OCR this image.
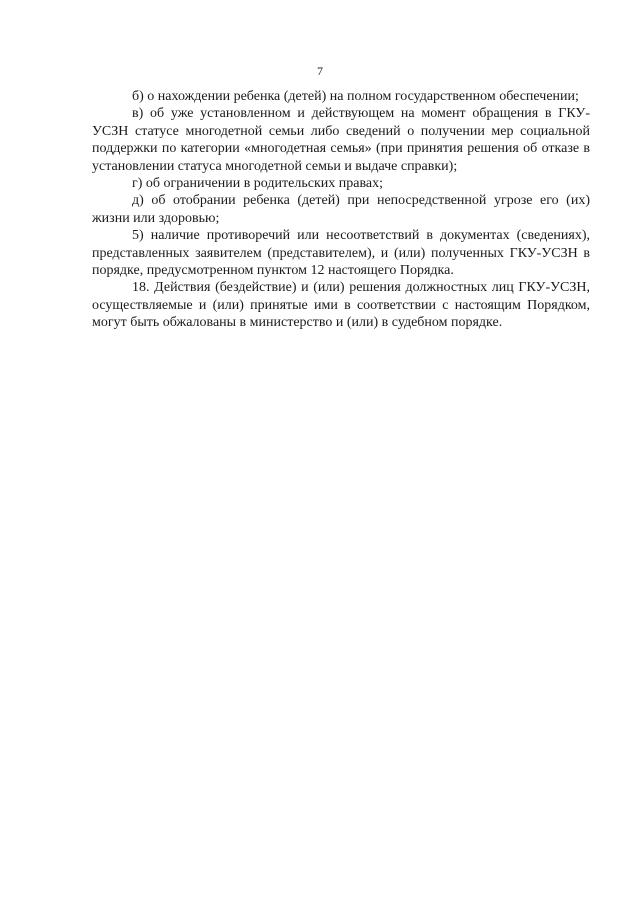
7

б) о нахождении ребенка (детей) на полном государственном обеспечении;

в) об уже установленном и действующем на момент обращения в ГКУ-УСЗН статусе многодетной семьи либо сведений о получении мер социальной поддержки по категории «многодетная семья» (при принятия решения об отказе в установлении статуса многодетной семьи и выдаче справки);

г) об ограничении в родительских правах;

д) об отобрании ребенка (детей) при непосредственной угрозе его (их) жизни или здоровью;

5) наличие противоречий или несоответствий в документах (сведениях), представленных заявителем (представителем), и (или) полученных ГКУ-УСЗН в порядке, предусмотренном пунктом 12 настоящего Порядка.

18. Действия (бездействие) и (или) решения должностных лиц ГКУ-УСЗН, осуществляемые и (или) принятые ими в соответствии с настоящим Порядком, могут быть обжалованы в министерство и (или) в судебном порядке.
